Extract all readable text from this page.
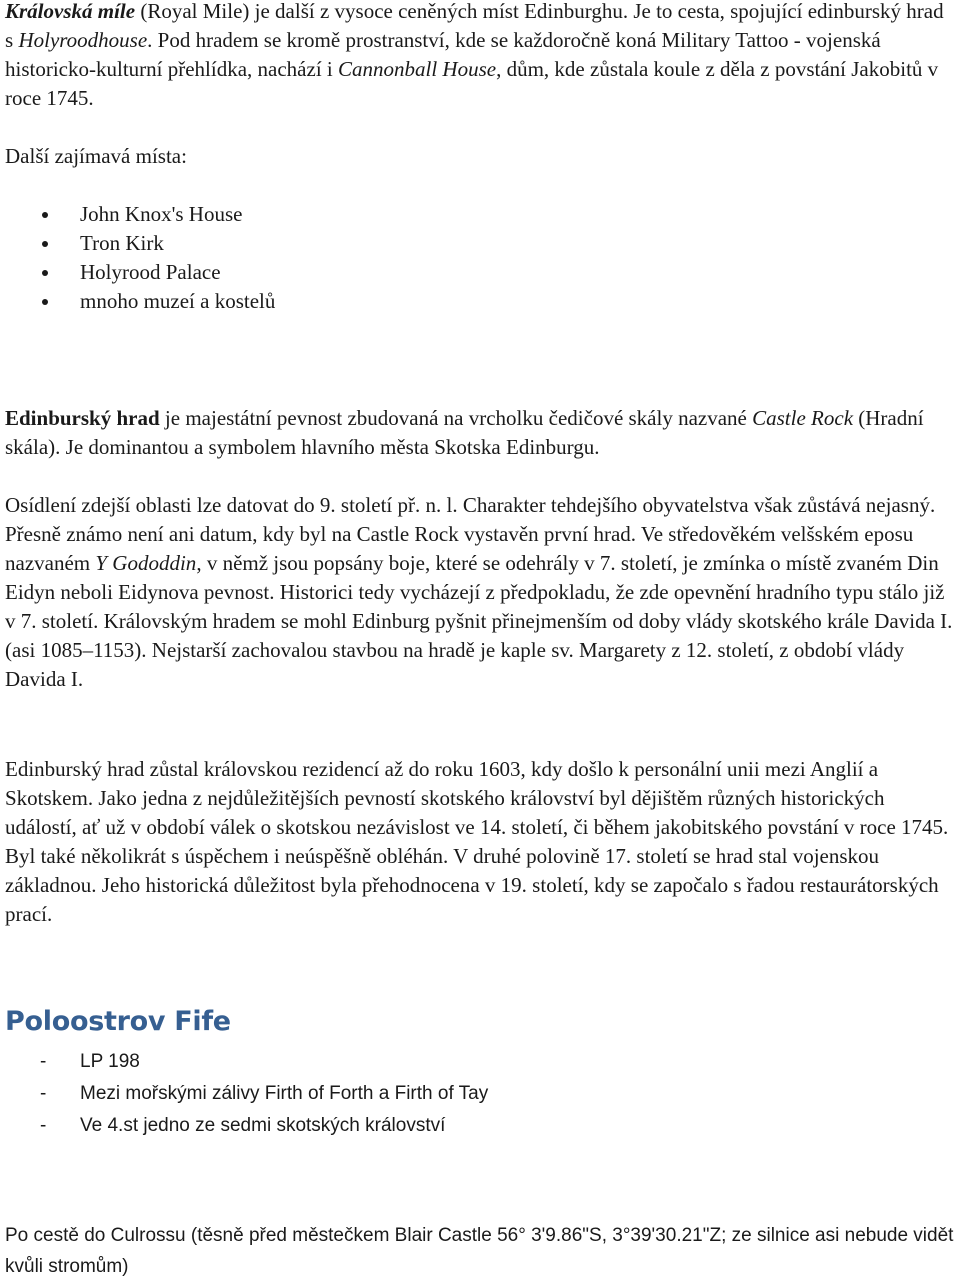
Královská míle (Royal Mile) je další z vysoce ceněných míst Edinburghu. Je to cesta, spojující edinburský hrad s Holyroodhouse. Pod hradem se kromě prostranství, kde se každoročně koná Military Tattoo - vojenská historicko-kulturní přehlídka, nachází i Cannonball House, dům, kde zůstala koule z děla z povstání Jakobitů v roce 1745.

Další zajímavá místa:

John Knox's House
Tron Kirk
Holyrood Palace
mnoho muzeí a kostelů

Edinburský hrad je majestátní pevnost zbudovaná na vrcholku čedičové skály nazvané Castle Rock (Hradní skála). Je dominantou a symbolem hlavního města Skotska Edinburgu.

Osídlení zdejší oblasti lze datovat do 9. století př. n. l. Charakter tehdejšího obyvatelstva však zůstává nejasný. Přesně známo není ani datum, kdy byl na Castle Rock vystavěn první hrad. Ve středověkém velšském eposu nazvaném Y Gododdin, v němž jsou popsány boje, které se odehrály v 7. století, je zmínka o místě zvaném Din Eidyn neboli Eidynova pevnost. Historici tedy vycházejí z předpokladu, že zde opevnění hradního typu stálo již v 7. století. Královským hradem se mohl Edinburg pyšnit přinejmenším od doby vlády skotského krále Davida I. (asi 1085–1153). Nejstarší zachovalou stavbou na hradě je kaple sv. Margarety z 12. století, z období vlády Davida I.

Edinburský hrad zůstal královskou rezidencí až do roku 1603, kdy došlo k personální unii mezi Anglií a Skotskem. Jako jedna z nejdůležitějších pevností skotského království byl dějištěm různých historických událostí, ať už v období válek o skotskou nezávislost ve 14. století, či během jakobitského povstání v roce 1745. Byl také několikrát s úspěchem i neúspěšně obléhán. V druhé polovině 17. století se hrad stal vojenskou základnou. Jeho historická důležitost byla přehodnocena v 19. století, kdy se započalo s řadou restaurátorských prací.

Poloostrov Fife
- LP 198
- Mezi mořskými zálivy Firth of Forth a Firth of Tay
- Ve 4.st jedno ze sedmi skotských království

Po cestě do Culrossu (těsně před městečkem Blair Castle 56° 3'9.86"S, 3°39'30.21"Z; ze silnice asi nebude vidět kvůli stromům)
